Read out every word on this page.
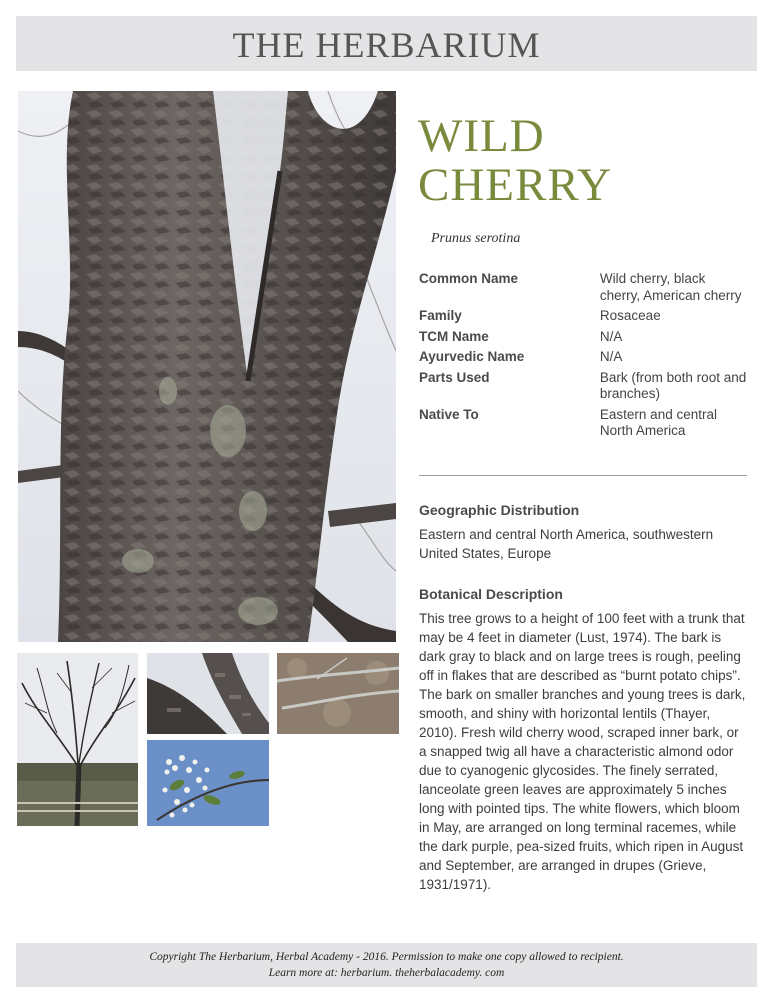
THE HERBARIUM
WILD
CHERRY
Prunus serotina
Common Name	Wild cherry, black cherry, American cherry
Family	Rosaceae
TCM Name	N/A
Ayurvedic Name	N/A
Parts Used	Bark (from both root and branches)
Native To	Eastern and central North America
Geographic Distribution
Eastern and central North America, southwestern United States, Europe
Botanical Description
This tree grows to a height of 100 feet with a trunk that may be 4 feet in diameter (Lust, 1974). The bark is dark gray to black and on large trees is rough, peeling off in flakes that are described as “burnt potato chips”. The bark on smaller branches and young trees is dark, smooth, and shiny with horizontal lentils (Thayer, 2010). Fresh wild cherry wood, scraped inner bark, or a snapped twig all have a characteristic almond odor due to cyanogenic glycosides. The finely serrated, lanceolate green leaves are approximately 5 inches long with pointed tips. The white flowers, which bloom in May, are arranged on long terminal racemes, while the dark purple, pea-sized fruits, which ripen in August and September, are arranged in drupes (Grieve, 1931/1971).
Copyright The Herbarium, Herbal Academy - 2016. Permission to make one copy allowed to recipient.
Learn more at: herbarium. theherbalacademy. com
